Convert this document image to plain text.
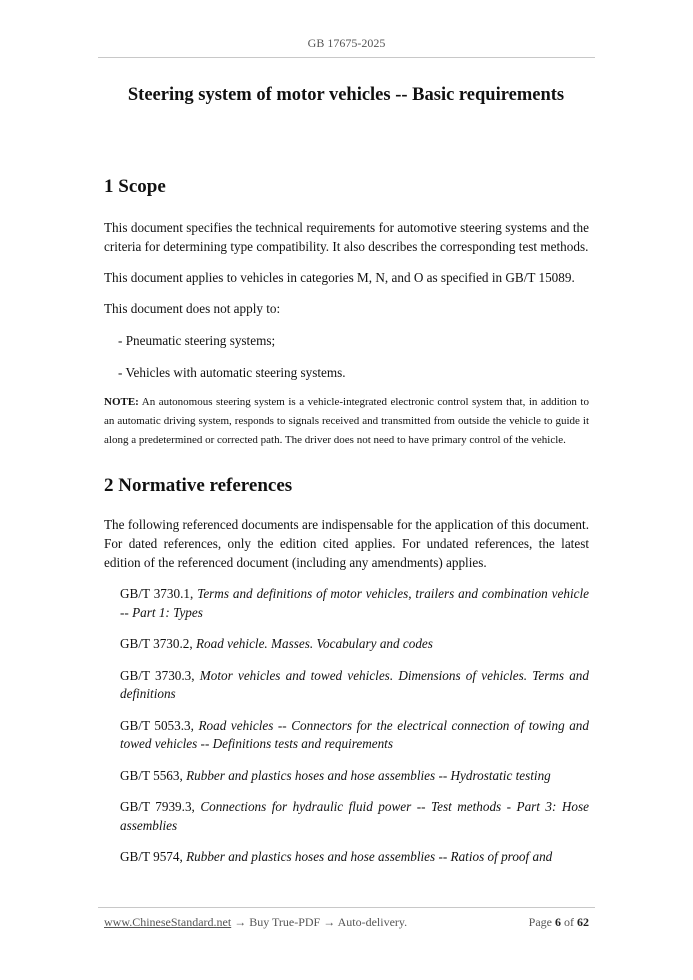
GB 17675-2025
Steering system of motor vehicles -- Basic requirements
1 Scope

This document specifies the technical requirements for automotive steering systems and the criteria for determining type compatibility. It also describes the corresponding test methods.

This document applies to vehicles in categories M, N, and O as specified in GB/T 15089.

This document does not apply to:

- Pneumatic steering systems;
- Vehicles with automatic steering systems.
NOTE: An autonomous steering system is a vehicle-integrated electronic control system that, in addition to an automatic driving system, responds to signals received and transmitted from outside the vehicle to guide it along a predetermined or corrected path. The driver does not need to have primary control of the vehicle.
2 Normative references

The following referenced documents are indispensable for the application of this document. For dated references, only the edition cited applies. For undated references, the latest edition of the referenced document (including any amendments) applies.

GB/T 3730.1, Terms and definitions of motor vehicles, trailers and combination vehicle -- Part 1: Types
GB/T 3730.2, Road vehicle. Masses. Vocabulary and codes
GB/T 3730.3, Motor vehicles and towed vehicles. Dimensions of vehicles. Terms and definitions
GB/T 5053.3, Road vehicles -- Connectors for the electrical connection of towing and towed vehicles -- Definitions tests and requirements
GB/T 5563, Rubber and plastics hoses and hose assemblies -- Hydrostatic testing
GB/T 7939.3, Connections for hydraulic fluid power -- Test methods - Part 3: Hose assemblies
GB/T 9574, Rubber and plastics hoses and hose assemblies -- Ratios of proof and
www.ChineseStandard.net → Buy True-PDF → Auto-delivery.	Page 6 of 62
